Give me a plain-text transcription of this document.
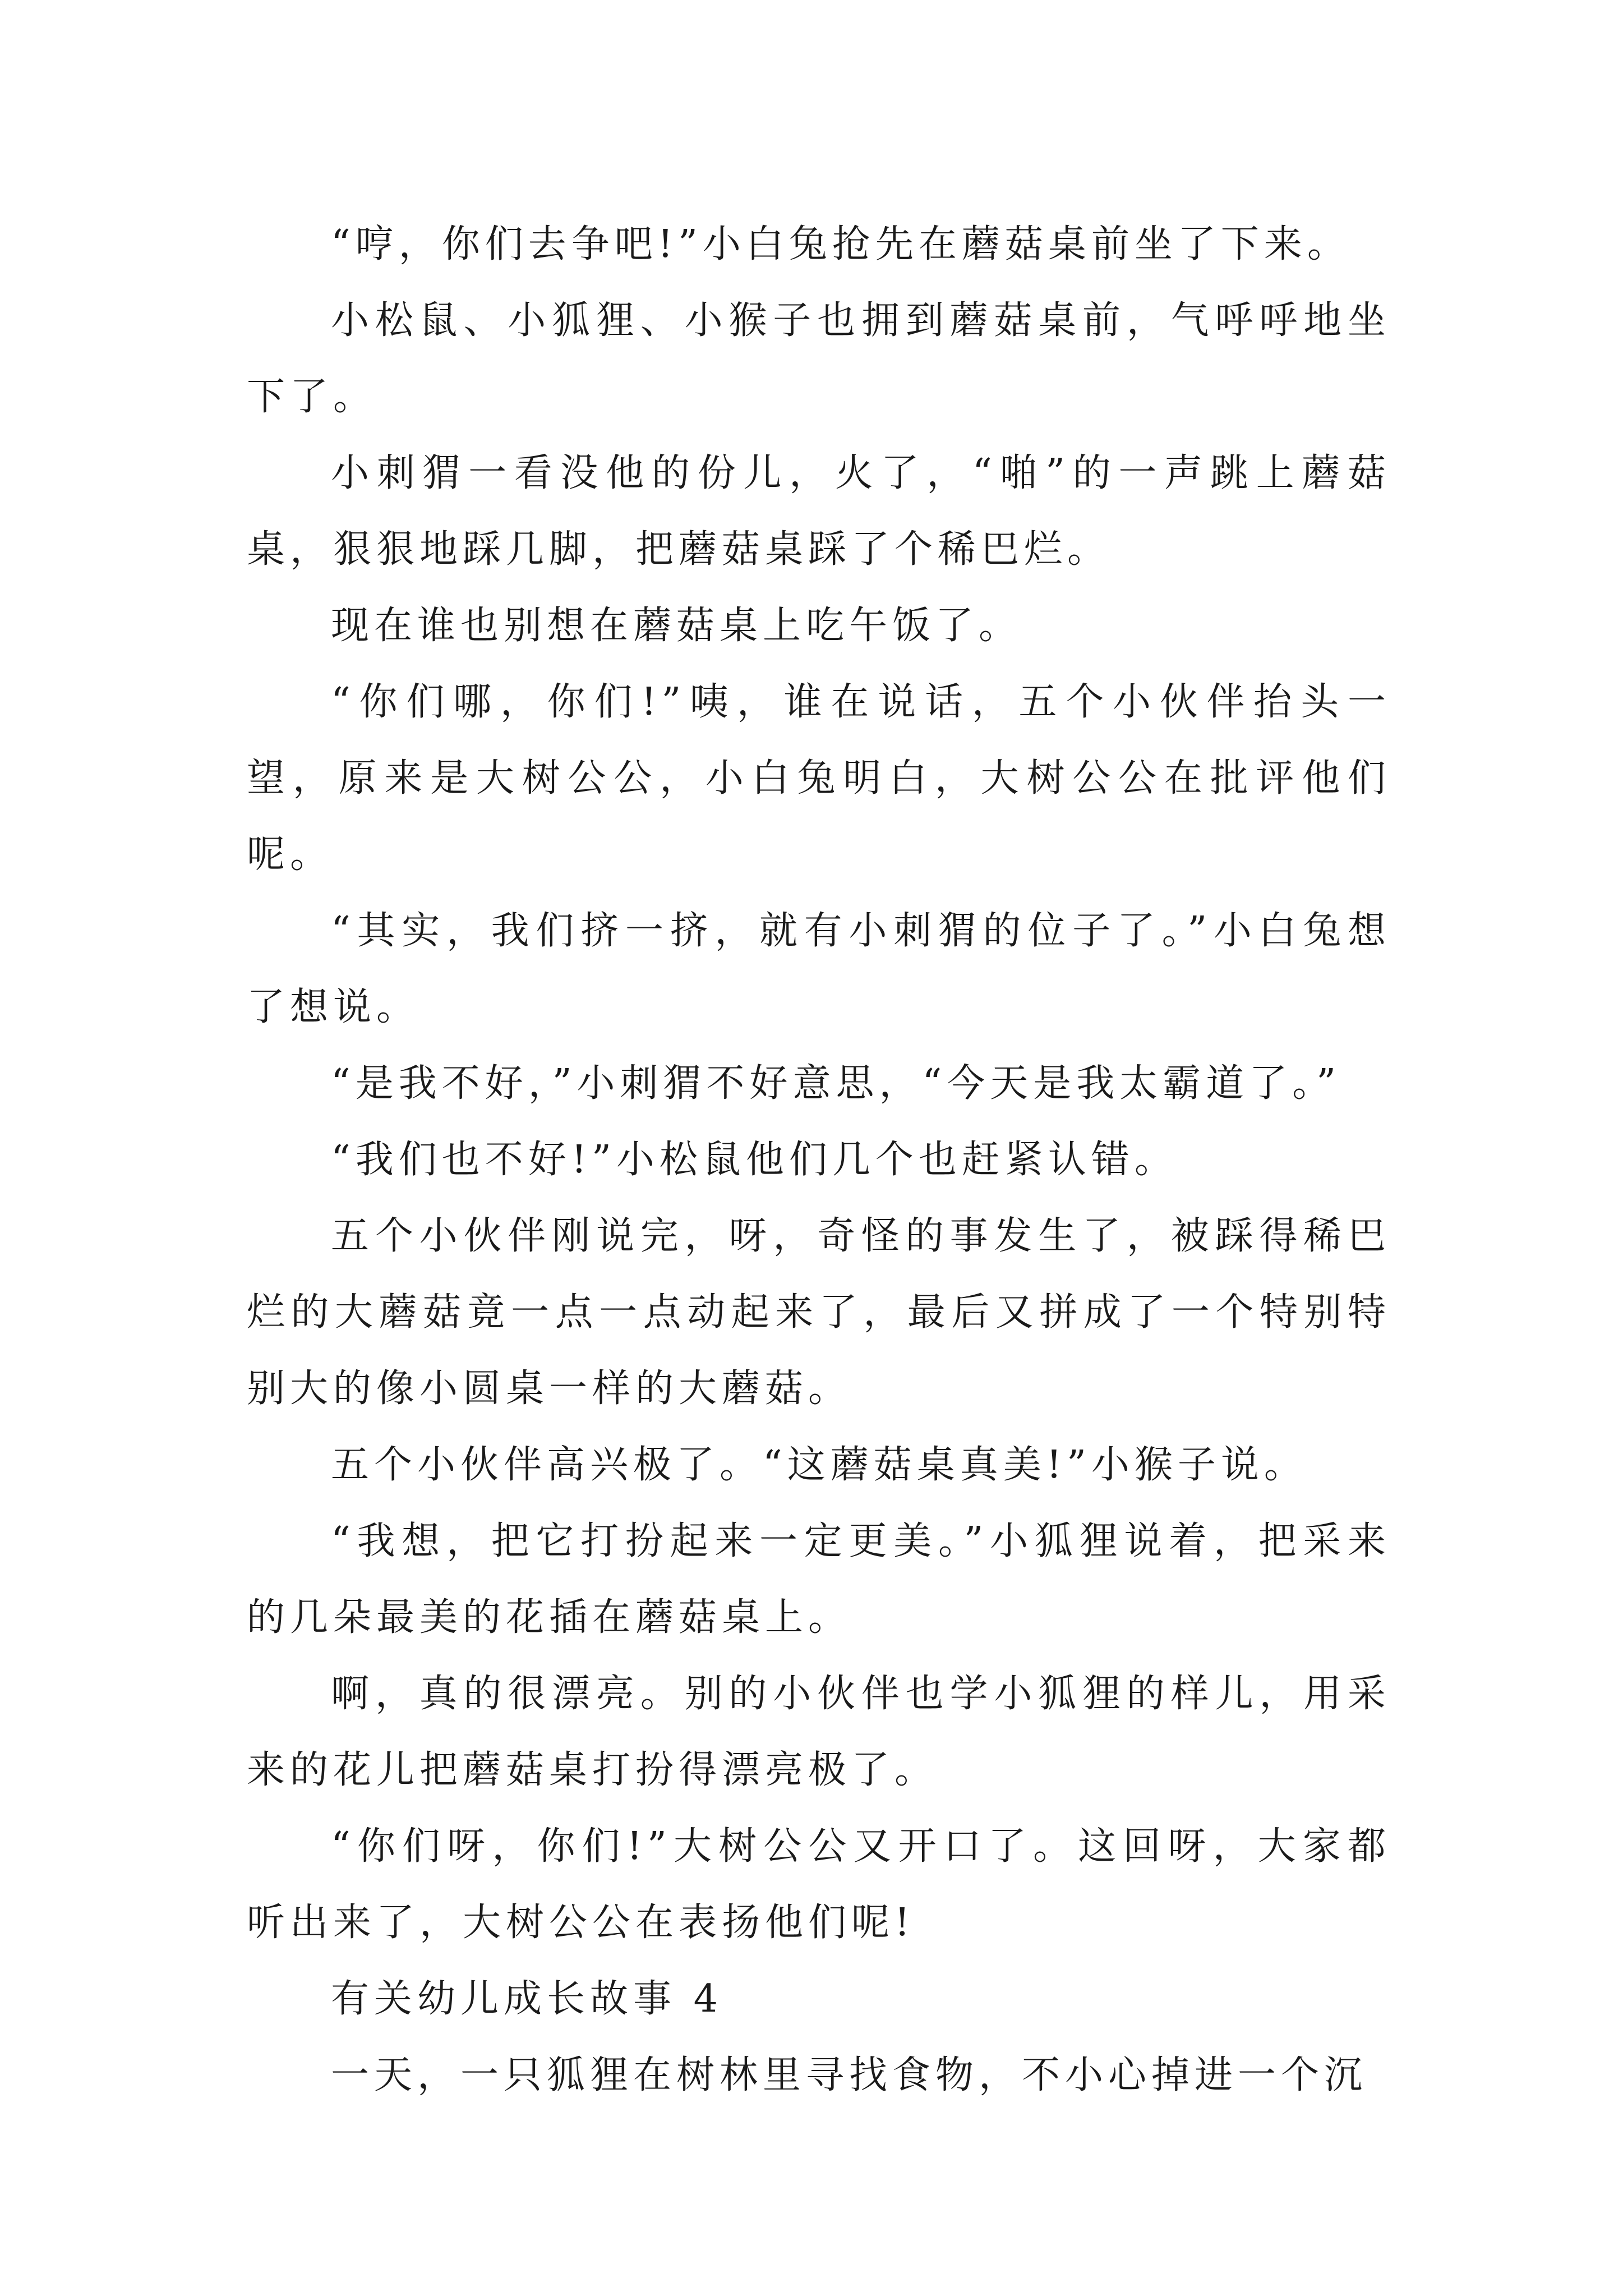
“哼，你们去争吧!”小白兔抢先在蘑菇桌前坐了下来。

小松鼠、小狐狸、小猴子也拥到蘑菇桌前，气呼呼地坐下了。

小刺猬一看没他的份儿，火了，“啪”的一声跳上蘑菇桌，狠狠地踩几脚，把蘑菇桌踩了个稀巴烂。

现在谁也别想在蘑菇桌上吃午饭了。

“你们哪，你们!”咦，谁在说话，五个小伙伴抬头一望，原来是大树公公，小白兔明白，大树公公在批评他们呢。

“其实，我们挤一挤，就有小刺猬的位子了。”小白兔想了想说。

“是我不好，”小刺猬不好意思，“今天是我太霸道了。”

“我们也不好!”小松鼠他们几个也赶紧认错。

五个小伙伴刚说完，呀，奇怪的事发生了，被踩得稀巴烂的大蘑菇竟一点一点动起来了，最后又拼成了一个特别特别大的像小圆桌一样的大蘑菇。

五个小伙伴高兴极了。“这蘑菇桌真美!”小猴子说。

“我想，把它打扮起来一定更美。”小狐狸说着，把采来的几朵最美的花插在蘑菇桌上。

啊，真的很漂亮。别的小伙伴也学小狐狸的样儿，用采来的花儿把蘑菇桌打扮得漂亮极了。

“你们呀，你们!”大树公公又开口了。这回呀，大家都听出来了，大树公公在表扬他们呢!

有关幼儿成长故事 4

一天，一只狐狸在树林里寻找食物，不小心掉进一个沉
